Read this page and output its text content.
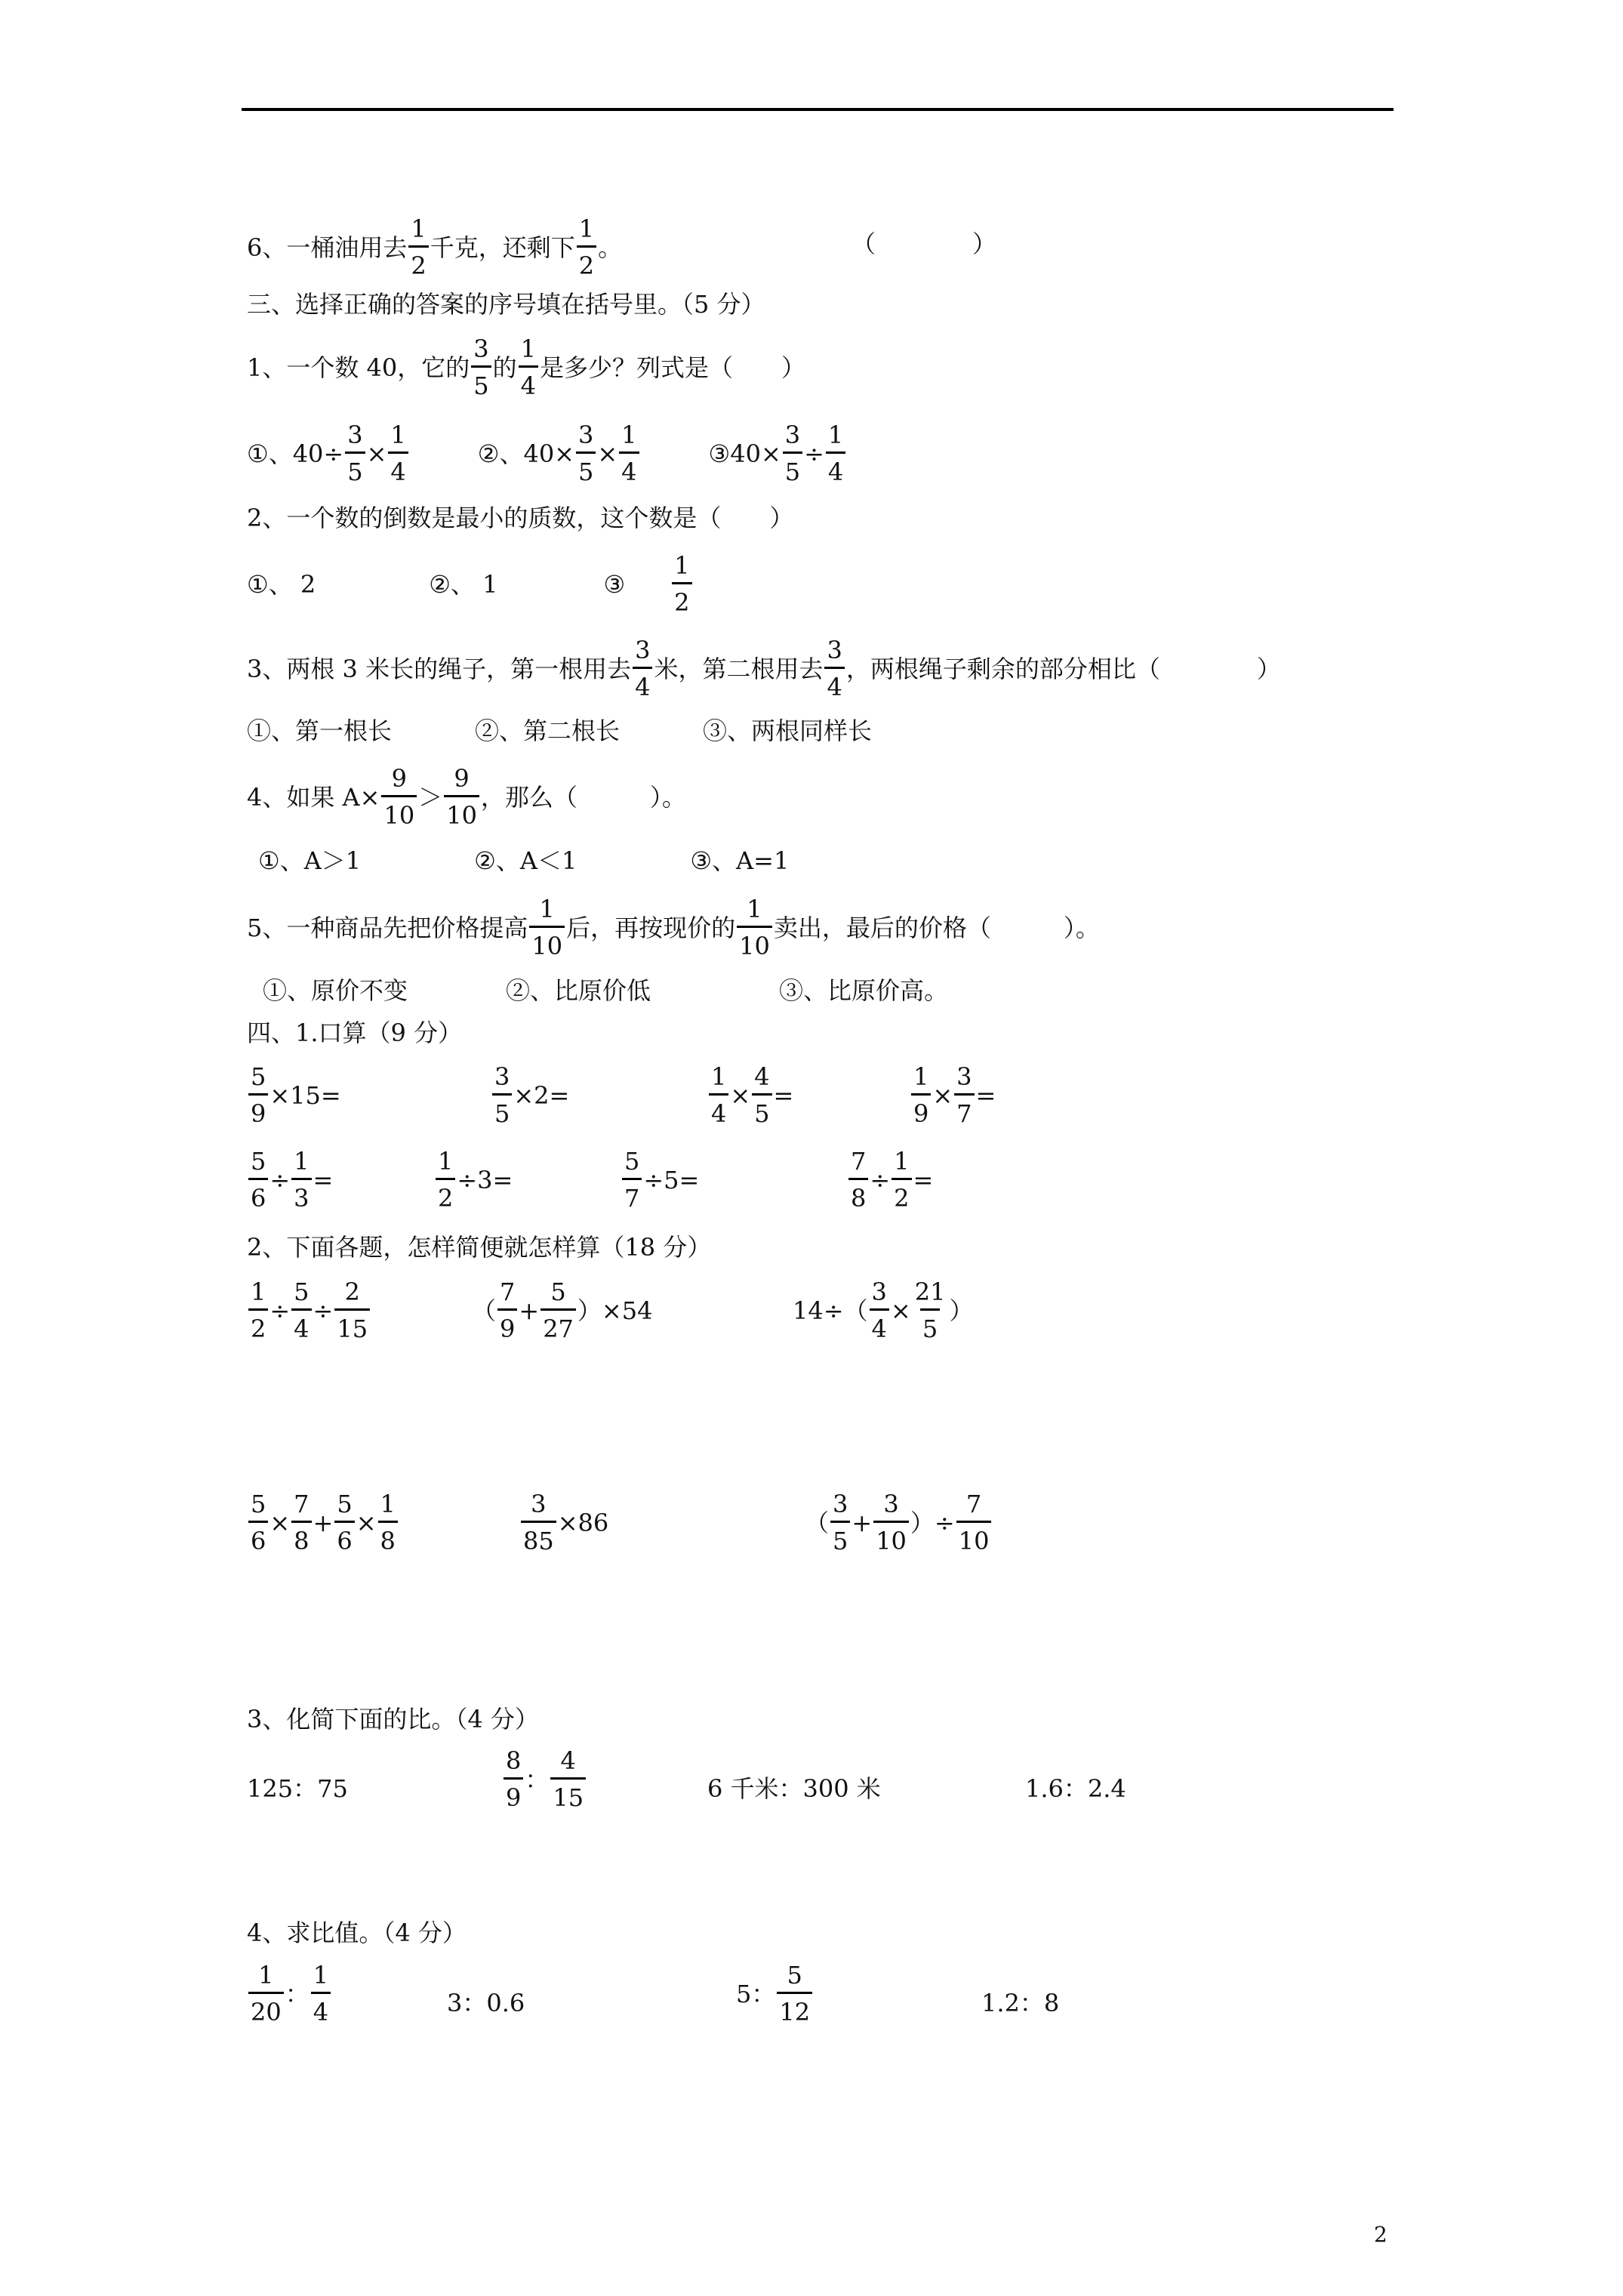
6、一桶油用去 $\frac{1}{2}$ 千克，还剩下 $\frac{1}{2}$ 。	（　　　　）
三、选择正确的答案的序号填在括号里。（5 分）
1、一个数 40，它的 $\frac{3}{5}$ 的 $\frac{1}{4}$ 是多少？列式是（　　）
①、$40\div \frac{3}{5} \times \frac{1}{4}$	②、$40\times \frac{3}{5} \times \frac{1}{4}$	③40× $\frac{3}{5} \div \frac{1}{4}$
2、一个数的倒数是最小的质数，这个数是（　　）
①、 2	②、 1	③ $\frac{1}{2}$
3、两根 3 米长的绳子，第一根用去 $\frac{3}{4}$ 米，第二根用去 $\frac{3}{4}$ ，两根绳子剩余的部分相比（　　　　）
①、第一根长	②、第二根长	③、两根同样长
4、如果 $A\times \frac{9}{10} > \frac{9}{10}$ ，那么（　　　）。
①、A＞1	②、A＜1	③、A=1
5、一种商品先把价格提高 $\frac{1}{10}$ 后，再按现价的 $\frac{1}{10}$ 卖出，最后的价格（　　　）。
①、原价不变	②、比原价低	③、比原价高。
四、1.口算（9 分）
$\frac{5}{9} \times 15=$	$\frac{3}{5} \times 2=$	$\frac{1}{4} \times \frac{4}{5}$ =	$\frac{1}{9} \times \frac{3}{7}$ =
$\frac{5}{6} \div \frac{1}{3}$ =	$\frac{1}{2} \div 3=$	$\frac{5}{7} \div 5=$	$\frac{7}{8} \div \frac{1}{2}$ =
2、下面各题，怎样简便就怎样算（18 分）
$\frac{1}{2} \div \frac{5}{4} \div \frac{2}{15}$	（ $\frac{7}{9} + \frac{5}{27} )\times 54$	$14\div( \frac{3}{4} \times \frac{21}{5}$ ）
$\frac{5}{6} \times \frac{7}{8} + \frac{5}{6} \times \frac{1}{8}$	$\frac{3}{85} \times 86$	（ $\frac{3}{5} + \frac{3}{10}$ ）÷ $\frac{7}{10}$
3、化简下面的比。（4 分）
125：75	$\frac{8}{9}$ ： $\frac{4}{15}$	6 千米：300 米	1.6：2.4
4、求比值。（4 分）
$\frac{1}{20}$ ： $\frac{1}{4}$	3：0.6	5： $\frac{5}{12}$	1.2：8
2
